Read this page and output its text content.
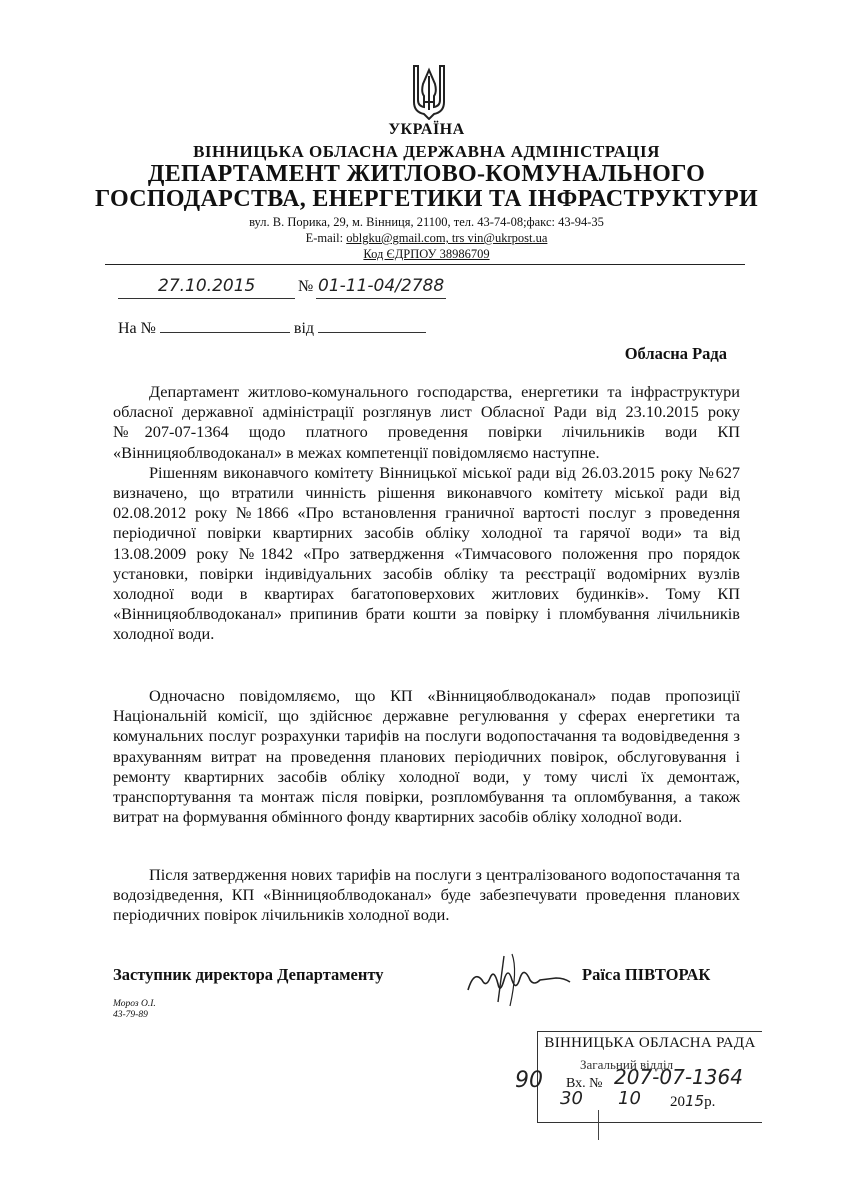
УКРАЇНА
ВІННИЦЬКА ОБЛАСНА ДЕРЖАВНА АДМІНІСТРАЦІЯ
ДЕПАРТАМЕНТ ЖИТЛОВО-КОМУНАЛЬНОГО
ГОСПОДАРСТВА, ЕНЕРГЕТИКИ ТА ІНФРАСТРУКТУРИ
вул. В. Порика, 29, м. Вінниця, 21100, тел. 43-74-08;факс: 43-94-35
E-mail: oblgku@gmail.com, trs vin@ukrpost.ua
Код ЄДРПОУ 38986709
27.10.2015	№ 01-11-04/2788
На №	від
Обласна Рада

Департамент житлово-комунального господарства, енергетики та інфраструктури обласної державної адміністрації розглянув лист Обласної Ради від 23.10.2015 року №207-07-1364 щодо платного проведення повірки лічильників води КП «Вінницяоблводоканал» в межах компетенції повідомляємо наступне.

Рішенням виконавчого комітету Вінницької міської ради від 26.03.2015 року №627 визначено, що втратили чинність рішення виконавчого комітету міської ради від 02.08.2012 року №1866 «Про встановлення граничної вартості послуг з проведення періодичної повірки квартирних засобів обліку холодної та гарячої води» та від 13.08.2009 року №1842 «Про затвердження «Тимчасового положення про порядок установки, повірки індивідуальних засобів обліку та реєстрації водомірних вузлів холодної води в квартирах багатоповерхових житлових будинків». Тому КП «Вінницяоблводоканал» припинив брати кошти за повірку і пломбування лічильників холодної води.

Одночасно повідомляємо, що КП «Вінницяоблводоканал» подав пропозиції Національній комісії, що здійснює державне регулювання у сферах енергетики та комунальних послуг розрахунки тарифів на послуги водопостачання та водовідведення з врахуванням витрат на проведення планових періодичних повірок, обслуговування і ремонту квартирних засобів обліку холодної води, у тому числі їх демонтаж, транспортування та монтаж після повірки, розпломбування та опломбування, а також витрат на формування обмінного фонду квартирних засобів обліку холодної води.

Після затвердження нових тарифів на послуги з централізованого водопостачання та водозідведення, КП «Вінницяоблводоканал» буде забезпечувати проведення планових періодичних повірок лічильників холодної води.

Заступник директора Департаменту	Раїса ПІВТОРАК
Мороз О.І.
43-79-89
ВІННИЦЬКА ОБЛАСНА РАДА
Загальний відділ
Вх. № 207-07-1364
30 10 2015р.
90
